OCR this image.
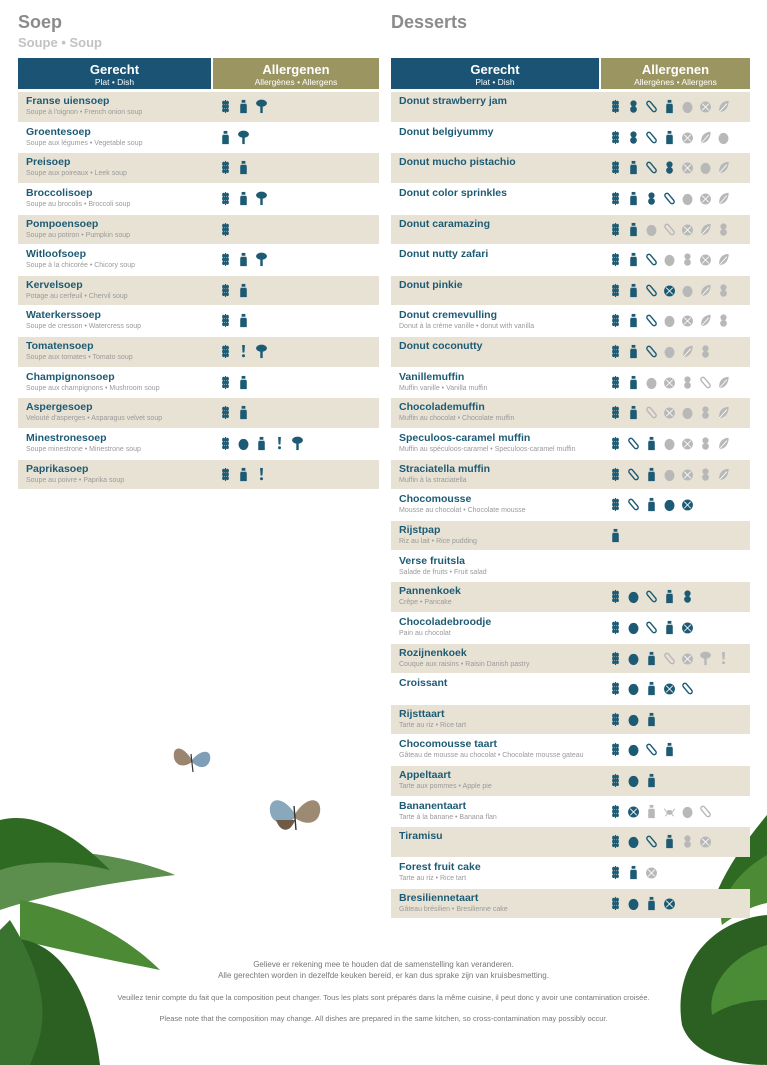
Soep
Soupe • Soup
Gerecht
Plat • Dish
Allergenen
Allergènes • Allergens
Franse uiensoep
Soupe à l'oignon • French onion soup
Groentesoep
Soupe aux légumes • Vegetable soup
Preisoep
Soupe aux poireaux • Leek soup
Broccolisoep
Soupe au brocolis • Broccoli soup
Pompoensoep
Soupe au potiron • Pumpkin soup
Witloofsoep
Soupe à la chicorée • Chicory soup
Kervelsoep
Potage au cerfeuil • Chervil soup
Waterkerssoep
Soupe de cresson • Watercress soup
Tomatensoep
Soupe aux tomates • Tomato soup
Champignonsoep
Soupe aux champignons • Mushroom soup
Aspergesoep
Velouté d'asperges • Asparagus velvet soup
Minestronesoep
Soupe minestrone • Minestrone soup
Paprikasoep
Soupe au poivre • Paprika soup
Desserts
Gerecht
Plat • Dish
Allergenen
Allergènes • Allergens
Donut strawberry jam
Donut belgiyummy
Donut mucho pistachio
Donut color sprinkles
Donut caramazing
Donut nutty zafari
Donut pinkie
Donut cremevulling
Donut à la crème vanille • donut with vanilla
Donut coconutty
Vanillemuffin
Muffin vanille • Vanilla muffin
Chocolademuffin
Muffin au chocolat • Chocolate muffin
Speculoos-caramel muffin
Muffin au spéculoos-caramel • Speculoos-caramel muffin
Straciatella muffin
Muffin à la straciatella
Chocomousse
Mousse au chocolat • Chocolate mousse
Rijstpap
Riz au lait • Rice pudding
Verse fruitsla
Salade de fruits • Fruit salad
Pannenkoek
Crêpe • Pancake
Chocoladebroodje
Pain au chocolat
Rozijnenkoek
Couque aux raisins • Raisin Danish pastry
Croissant
Rijsttaart
Tarte au riz • Rice tart
Chocomousse taart
Gâteau de mousse au chocolat • Chocolate mousse gateau
Appeltaart
Tarte aux pommes • Apple pie
Bananentaart
Tarte à la banane • Banana flan
Tiramisu
Forest fruit cake
Tarte au riz • Rice tart
Bresiliennetaart
Gâteau brésilien • Bresilienne cake
Gelieve er rekening mee te houden dat de samenstelling kan veranderen.
Alle gerechten worden in dezelfde keuken bereid, er kan dus sprake zijn van kruisbesmetting.
Veuillez tenir compte du fait que la composition peut changer. Tous les plats sont préparés dans la même cuisine, il peut donc y avoir une contamination croisée.
Please note that the composition may change. All dishes are prepared in the same kitchen, so cross-contamination may possibly occur.
